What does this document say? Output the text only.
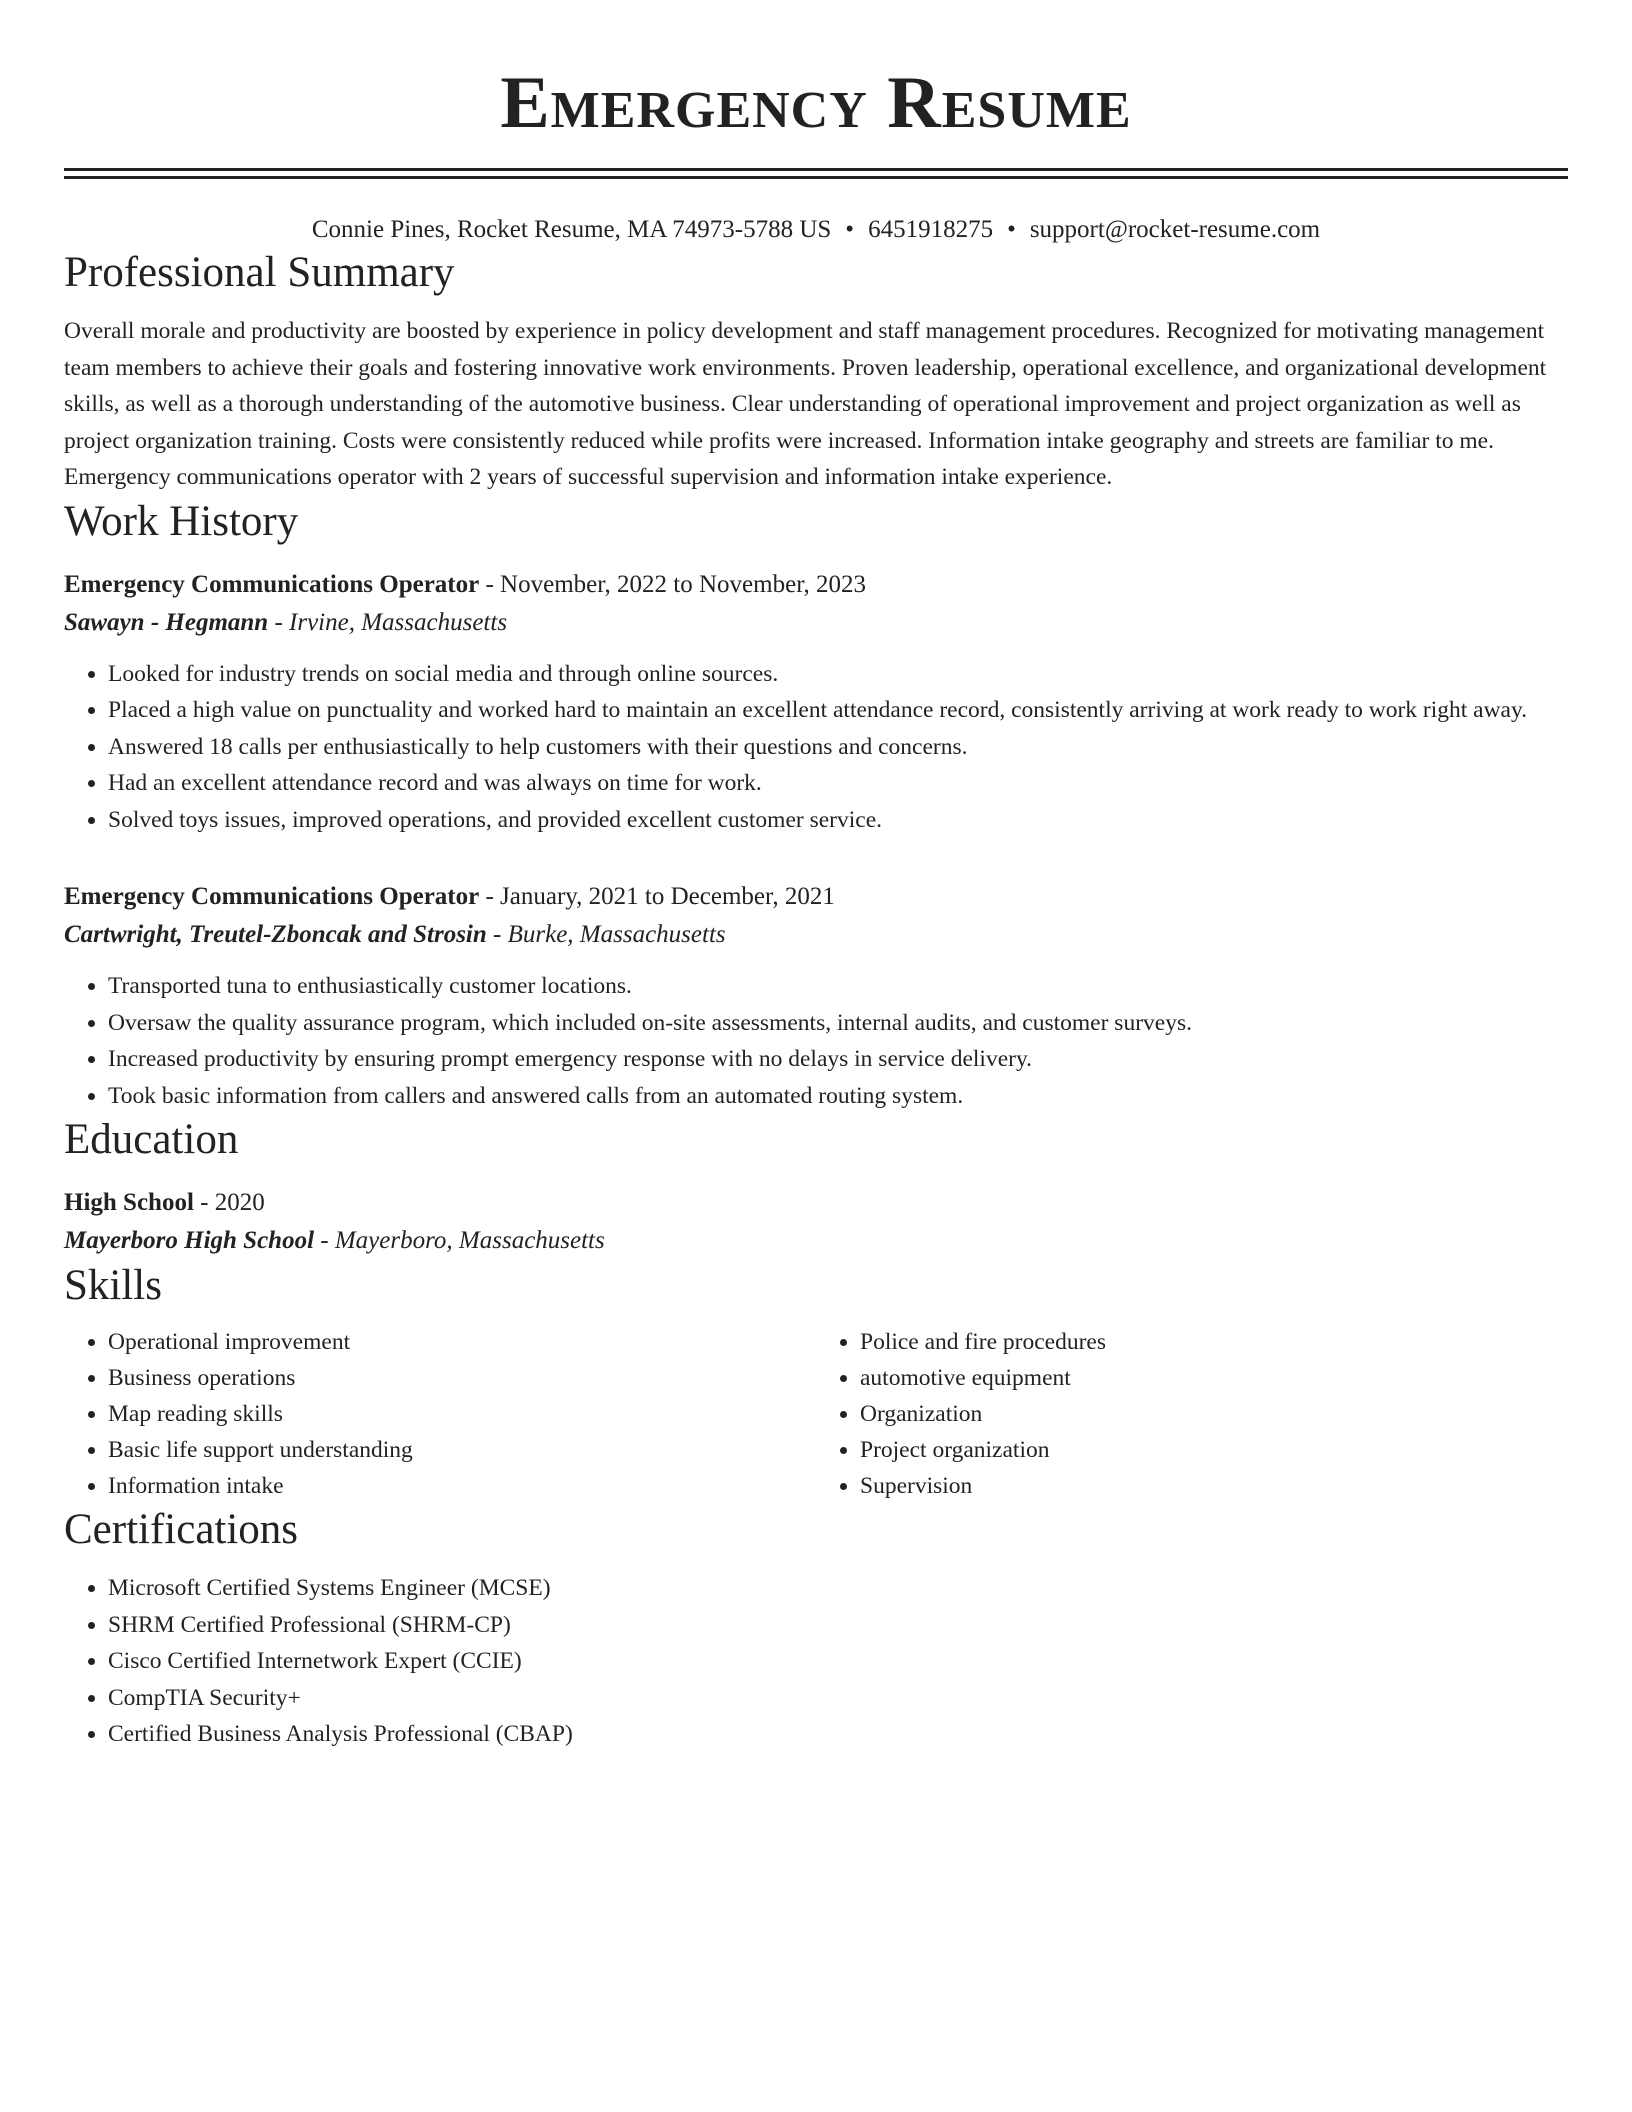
Emergency Resume
Connie Pines, Rocket Resume, MA 74973-5788 US • 6451918275 • support@rocket-resume.com
Professional Summary
Overall morale and productivity are boosted by experience in policy development and staff management procedures. Recognized for motivating management team members to achieve their goals and fostering innovative work environments. Proven leadership, operational excellence, and organizational development skills, as well as a thorough understanding of the automotive business. Clear understanding of operational improvement and project organization as well as project organization training. Costs were consistently reduced while profits were increased. Information intake geography and streets are familiar to me. Emergency communications operator with 2 years of successful supervision and information intake experience.
Work History
Emergency Communications Operator - November, 2022 to November, 2023
Sawayn - Hegmann - Irvine, Massachusetts
• Looked for industry trends on social media and through online sources.
• Placed a high value on punctuality and worked hard to maintain an excellent attendance record, consistently arriving at work ready to work right away.
• Answered 18 calls per enthusiastically to help customers with their questions and concerns.
• Had an excellent attendance record and was always on time for work.
• Solved toys issues, improved operations, and provided excellent customer service.
Emergency Communications Operator - January, 2021 to December, 2021
Cartwright, Treutel-Zboncak and Strosin - Burke, Massachusetts
• Transported tuna to enthusiastically customer locations.
• Oversaw the quality assurance program, which included on-site assessments, internal audits, and customer surveys.
• Increased productivity by ensuring prompt emergency response with no delays in service delivery.
• Took basic information from callers and answered calls from an automated routing system.
Education
High School - 2020
Mayerboro High School - Mayerboro, Massachusetts
Skills
• Operational improvement
• Business operations
• Map reading skills
• Basic life support understanding
• Information intake
• Police and fire procedures
• automotive equipment
• Organization
• Project organization
• Supervision
Certifications
• Microsoft Certified Systems Engineer (MCSE)
• SHRM Certified Professional (SHRM-CP)
• Cisco Certified Internetwork Expert (CCIE)
• CompTIA Security+
• Certified Business Analysis Professional (CBAP)
